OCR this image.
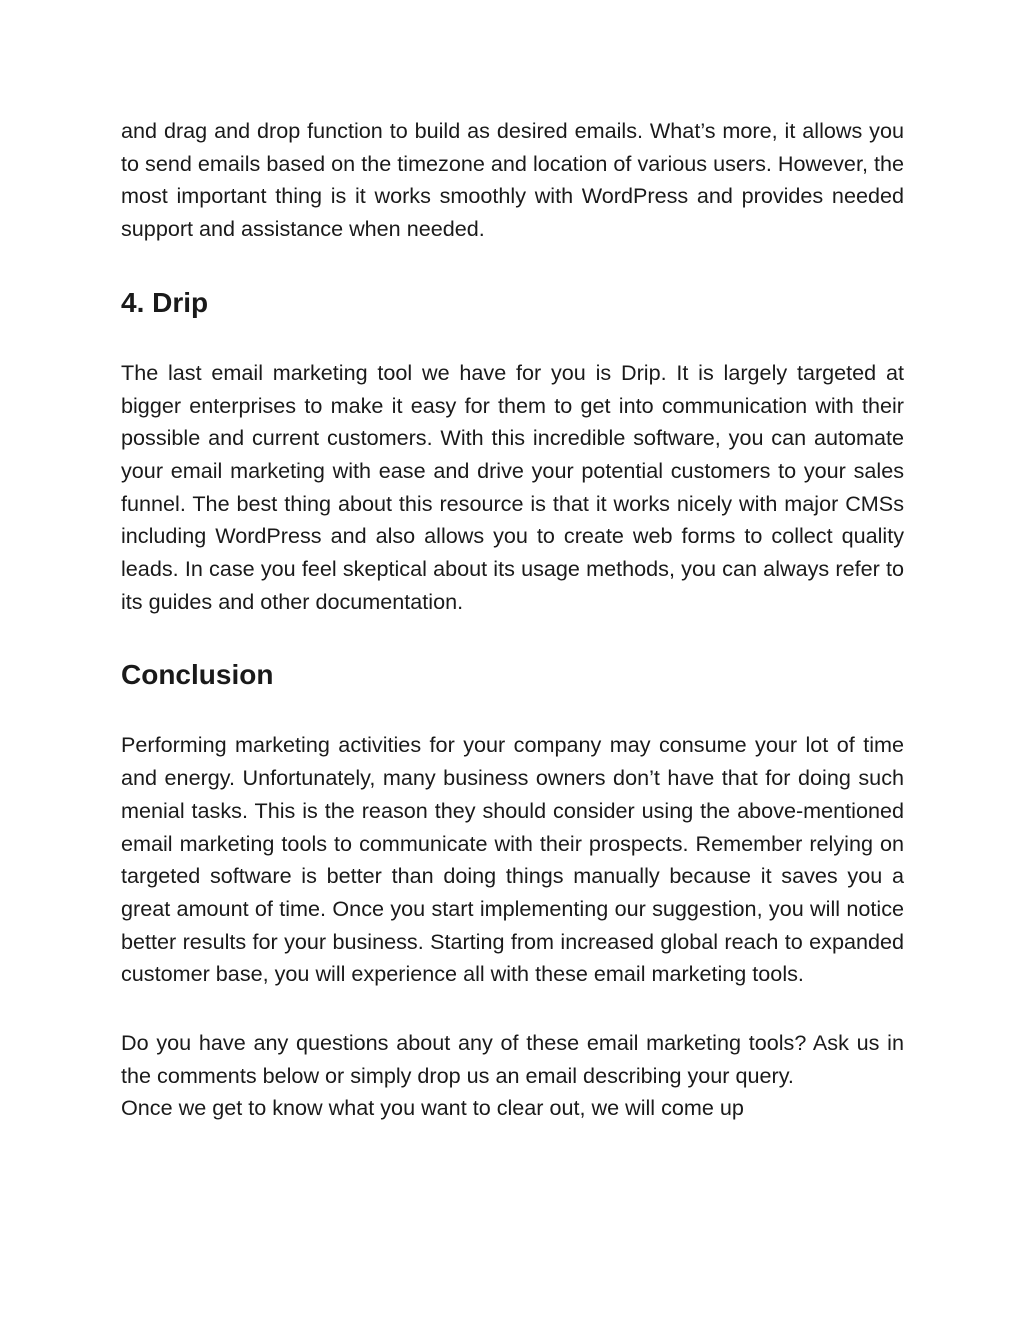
and drag and drop function to build as desired emails. What’s more, it allows you to send emails based on the timezone and location of various users. However, the most important thing is it works smoothly with WordPress and provides needed support and assistance when needed.

4. Drip

The last email marketing tool we have for you is Drip. It is largely targeted at bigger enterprises to make it easy for them to get into communication with their possible and current customers. With this incredible software, you can automate your email marketing with ease and drive your potential customers to your sales funnel. The best thing about this resource is that it works nicely with major CMSs including WordPress and also allows you to create web forms to collect quality leads. In case you feel skeptical about its usage methods, you can always refer to its guides and other documentation.

Conclusion

Performing marketing activities for your company may consume your lot of time and energy. Unfortunately, many business owners don’t have that for doing such menial tasks. This is the reason they should consider using the above-mentioned email marketing tools to communicate with their prospects. Remember relying on targeted software is better than doing things manually because it saves you a great amount of time. Once you start implementing our suggestion, you will notice better results for your business. Starting from increased global reach to expanded customer base, you will experience all with these email marketing tools.

Do you have any questions about any of these email marketing tools? Ask us in the comments below or simply drop us an email describing your query.

Once we get to know what you want to clear out, we will come up
